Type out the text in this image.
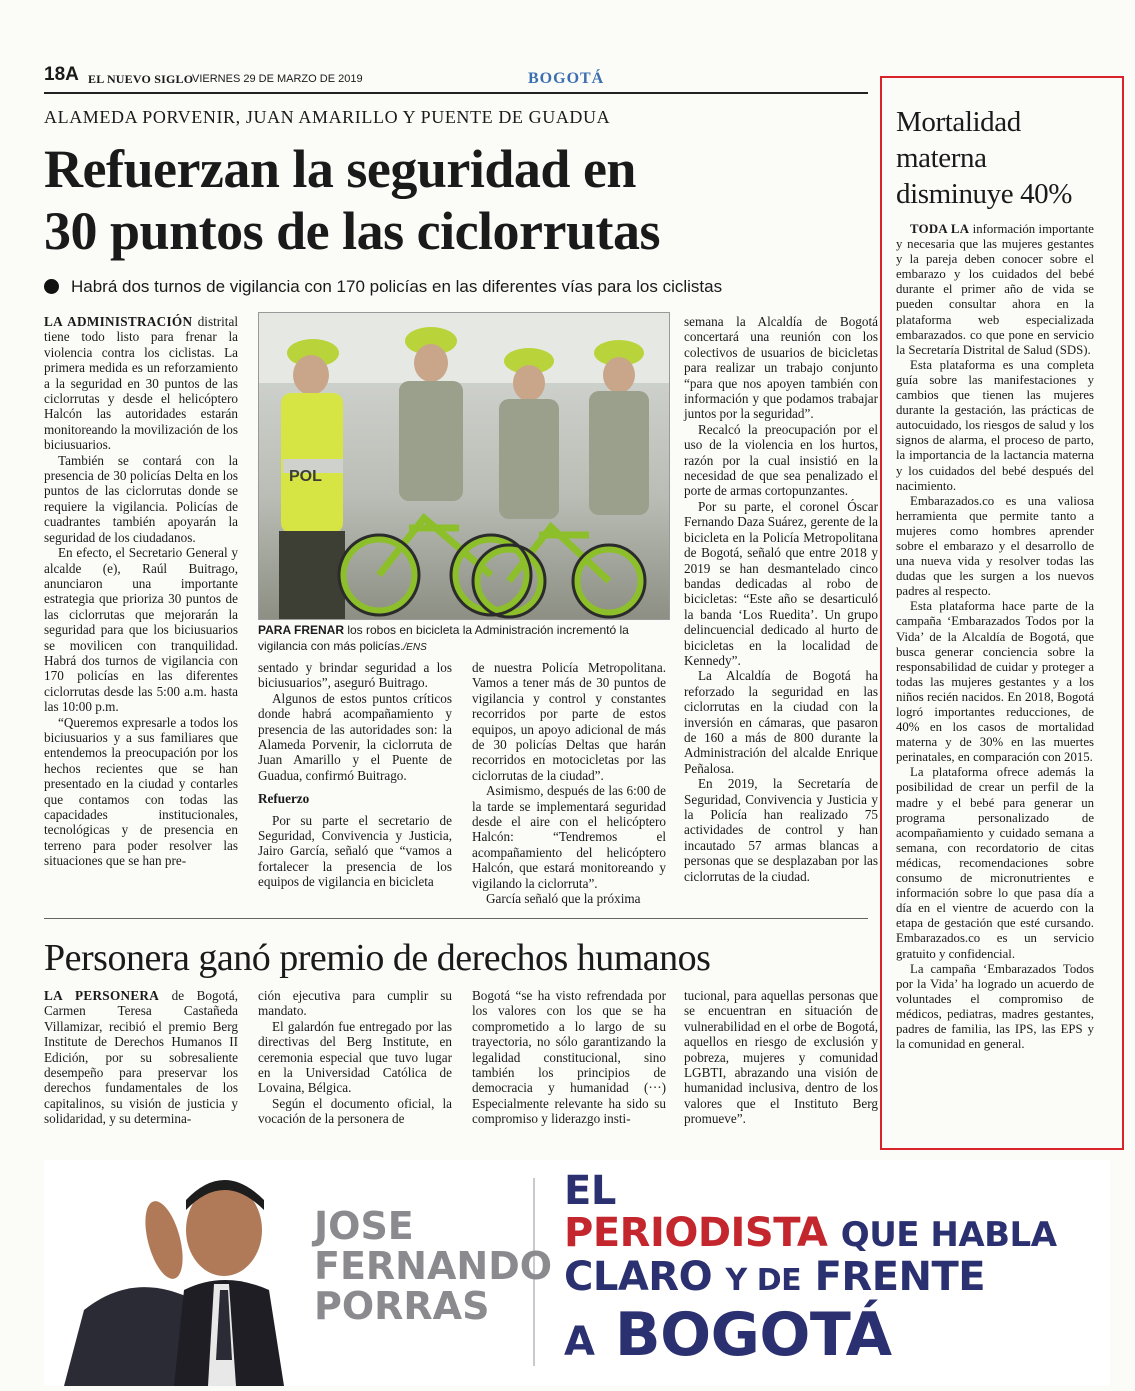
18A EL NUEVO SIGLO
VIERNES 29 DE MARZO DE 2019	BOGOTÁ
ALAMEDA PORVENIR, JUAN AMARILLO Y PUENTE DE GUADUA
Refuerzan la seguridad en
30 puntos de las ciclorrutas
Habrá dos turnos de vigilancia con 170 policías en las diferentes vías para los ciclistas

LA ADMINISTRACIÓN distrital tiene todo listo para frenar la violencia contra los ciclistas. La primera medida es un reforzamiento a la seguridad en 30 puntos de las ciclorrutas y desde el helicóptero Halcón las autoridades estarán monitoreando la movilización de los biciusuarios.

También se contará con la presencia de 30 policías Delta en los puntos de las ciclorrutas donde se requiere la vigilancia. Policías de cuadrantes también apoyarán la seguridad de los ciudadanos.

En efecto, el Secretario General y alcalde (e), Raúl Buitrago, anunciaron una importante estrategia que prioriza 30 puntos de las ciclorrutas que mejorarán la seguridad para que los biciusuarios se movilicen con tranquilidad. Habrá dos turnos de vigilancia con 170 policías en las diferentes ciclorrutas desde las 5:00 a.m. hasta las 10:00 p.m.

“Queremos expresarle a todos los biciusuarios y a sus familiares que entendemos la preocupación por los hechos recientes que se han presentado en la ciudad y contarles que contamos con todas las capacidades institucionales, tecnológicas y de presencia en terreno para poder resolver las situaciones que se han pre-

POL
PARA FRENAR los robos en bicicleta la Administración incrementó la vigilancia con más policías./ENS

sentado y brindar seguridad a los biciusuarios”, aseguró Buitrago.

Algunos de estos puntos críticos donde habrá acompañamiento y presencia de las autoridades son: la Alameda Porvenir, la ciclorruta de Juan Amarillo y el Puente de Guadua, confirmó Buitrago.

Refuerzo

Por su parte el secretario de Seguridad, Convivencia y Justicia, Jairo García, señaló que “vamos a fortalecer la presencia de los equipos de vigilancia en bicicleta

de nuestra Policía Metropolitana. Vamos a tener más de 30 puntos de vigilancia y control y constantes recorridos por parte de estos equipos, un apoyo adicional de más de 30 policías Deltas que harán recorridos en motocicletas por las ciclorrutas de la ciudad”.

Asimismo, después de las 6:00 de la tarde se implementará seguridad desde el aire con el helicóptero Halcón: “Tendremos el acompañamiento del helicóptero Halcón, que estará monitoreando y vigilando la ciclorruta”.

García señaló que la próxima

semana la Alcaldía de Bogotá concertará una reunión con los colectivos de usuarios de bicicletas para realizar un trabajo conjunto “para que nos apoyen también con información y que podamos trabajar juntos por la seguridad”.

Recalcó la preocupación por el uso de la violencia en los hurtos, razón por la cual insistió en la necesidad de que sea penalizado el porte de armas cortopunzantes.

Por su parte, el coronel Óscar Fernando Daza Suárez, gerente de la bicicleta en la Policía Metropolitana de Bogotá, señaló que entre 2018 y 2019 se han desmantelado cinco bandas dedicadas al robo de bicicletas: “Este año se desarticuló la banda ‘Los Ruedita’. Un grupo delincuencial dedicado al hurto de bicicletas en la localidad de Kennedy”.

La Alcaldía de Bogotá ha reforzado la seguridad en las ciclorrutas en la ciudad con la inversión en cámaras, que pasaron de 160 a más de 800 durante la Administración del alcalde Enrique Peñalosa.

En 2019, la Secretaría de Seguridad, Convivencia y Justicia y la Policía han realizado 75 actividades de control y han incautado 57 armas blancas a personas que se desplazaban por las ciclorrutas de la ciudad.

Personera ganó premio de derechos humanos

LA PERSONERA de Bogotá, Carmen Teresa Castañeda Villamizar, recibió el premio Berg Institute de Derechos Humanos II Edición, por su sobresaliente desempeño para preservar los derechos fundamentales de los capitalinos, su visión de justicia y solidaridad, y su determina-

ción ejecutiva para cumplir su mandato.

El galardón fue entregado por las directivas del Berg Institute, en ceremonia especial que tuvo lugar en la Universidad Católica de Lovaina, Bélgica.

Según el documento oficial, la vocación de la personera de

Bogotá “se ha visto refrendada por los valores con los que se ha comprometido a lo largo de su trayectoria, no sólo garantizando la legalidad constitucional, sino también los principios de democracia y humanidad (···) Especialmente relevante ha sido su compromiso y liderazgo insti-

tucional, para aquellas personas que se encuentran en situación de vulnerabilidad en el orbe de Bogotá, aquellos en riesgo de exclusión y pobreza, mujeres y comunidad LGBTI, abrazando una visión de humanidad inclusiva, dentro de los valores que el Instituto Berg promueve”.

Mortalidad
materna
disminuye 40%

TODA LA información importante y necesaria que las mujeres gestantes y la pareja deben conocer sobre el embarazo y los cuidados del bebé durante el primer año de vida se pueden consultar ahora en la plataforma web especializada embarazados. co que pone en servicio la Secretaría Distrital de Salud (SDS).

Esta plataforma es una completa guía sobre las manifestaciones y cambios que tienen las mujeres durante la gestación, las prácticas de autocuidado, los riesgos de salud y los signos de alarma, el proceso de parto, la importancia de la lactancia materna y los cuidados del bebé después del nacimiento.

Embarazados.co es una valiosa herramienta que permite tanto a mujeres como hombres aprender sobre el embarazo y el desarrollo de una nueva vida y resolver todas las dudas que les surgen a los nuevos padres al respecto.

Esta plataforma hace parte de la campaña ‘Embarazados Todos por la Vida’ de la Alcaldía de Bogotá, que busca generar conciencia sobre la responsabilidad de cuidar y proteger a todas las mujeres gestantes y a los niños recién nacidos. En 2018, Bogotá logró importantes reducciones, de 40% en los casos de mortalidad materna y de 30% en las muertes perinatales, en comparación con 2015.

La plataforma ofrece además la posibilidad de crear un perfil de la madre y el bebé para generar un programa personalizado de acompañamiento y cuidado semana a semana, con recordatorio de citas médicas, recomendaciones sobre consumo de micronutrientes e información sobre lo que pasa día a día en el vientre de acuerdo con la etapa de gestación que esté cursando. Embarazados.co es un servicio gratuito y confidencial.

La campaña ‘Embarazados Todos por la Vida’ ha logrado un acuerdo de voluntades el compromiso de médicos, pediatras, madres gestantes, padres de familia, las IPS, las EPS y la comunidad en general.

JOSE
FERNANDO
PORRAS
EL
PERIODISTA QUE HABLA
CLARO Y DE FRENTE
A BOGOTÁ
